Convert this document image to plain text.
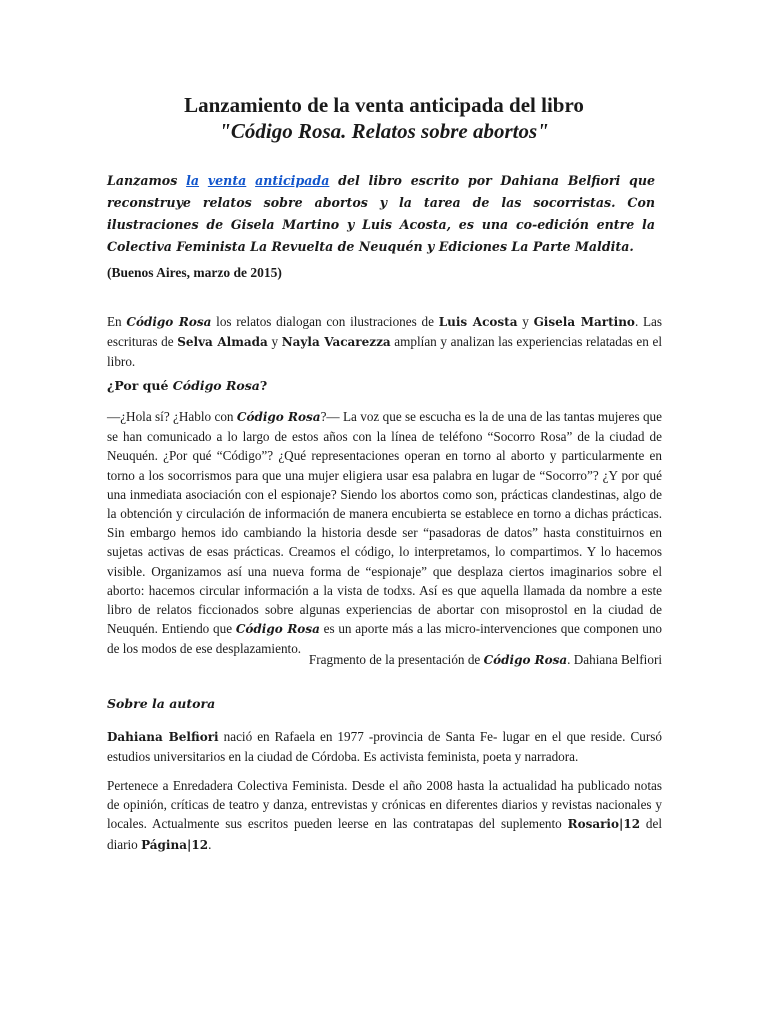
Lanzamiento de la venta anticipada del libro
"Código Rosa. Relatos sobre abortos"
Lanzamos la venta anticipada del libro escrito por Dahiana Belfiori que reconstruye relatos sobre abortos y la tarea de las socorristas. Con ilustraciones de Gisela Martino y Luis Acosta, es una co-edición entre la Colectiva Feminista La Revuelta de Neuquén y Ediciones La Parte Maldita.
(Buenos Aires, marzo de 2015)
En Código Rosa los relatos dialogan con ilustraciones de Luis Acosta y Gisela Martino. Las escrituras de Selva Almada y Nayla Vacarezza amplían y analizan las experiencias relatadas en el libro.
¿Por qué Código Rosa?
—¿Hola sí? ¿Hablo con Código Rosa?— La voz que se escucha es la de una de las tantas mujeres que se han comunicado a lo largo de estos años con la línea de teléfono “Socorro Rosa” de la ciudad de Neuquén. ¿Por qué “Código”? ¿Qué representaciones operan en torno al aborto y particularmente en torno a los socorrismos para que una mujer eligiera usar esa palabra en lugar de “Socorro”? ¿Y por qué una inmediata asociación con el espionaje? Siendo los abortos como son, prácticas clandestinas, algo de la obtención y circulación de información de manera encubierta se establece en torno a dichas prácticas. Sin embargo hemos ido cambiando la historia desde ser “pasadoras de datos” hasta constituirnos en sujetas activas de esas prácticas. Creamos el código, lo interpretamos, lo compartimos. Y lo hacemos visible. Organizamos así una nueva forma de “espionaje” que desplaza ciertos imaginarios sobre el aborto: hacemos circular información a la vista de todxs. Así es que aquella llamada da nombre a este libro de relatos ficcionados sobre algunas experiencias de abortar con misoprostol en la ciudad de Neuquén. Entiendo que Código Rosa es un aporte más a las micro-intervenciones que componen uno de los modos de ese desplazamiento.
Fragmento de la presentación de Código Rosa. Dahiana Belfiori
Sobre la autora
Dahiana Belfiori nació en Rafaela en 1977 -provincia de Santa Fe- lugar en el que reside. Cursó estudios universitarios en la ciudad de Córdoba. Es activista feminista, poeta y narradora.
Pertenece a Enredadera Colectiva Feminista. Desde el año 2008 hasta la actualidad ha publicado notas de opinión, críticas de teatro y danza, entrevistas y crónicas en diferentes diarios y revistas nacionales y locales. Actualmente sus escritos pueden leerse en las contratapas del suplemento Rosario|12 del diario Página|12.
